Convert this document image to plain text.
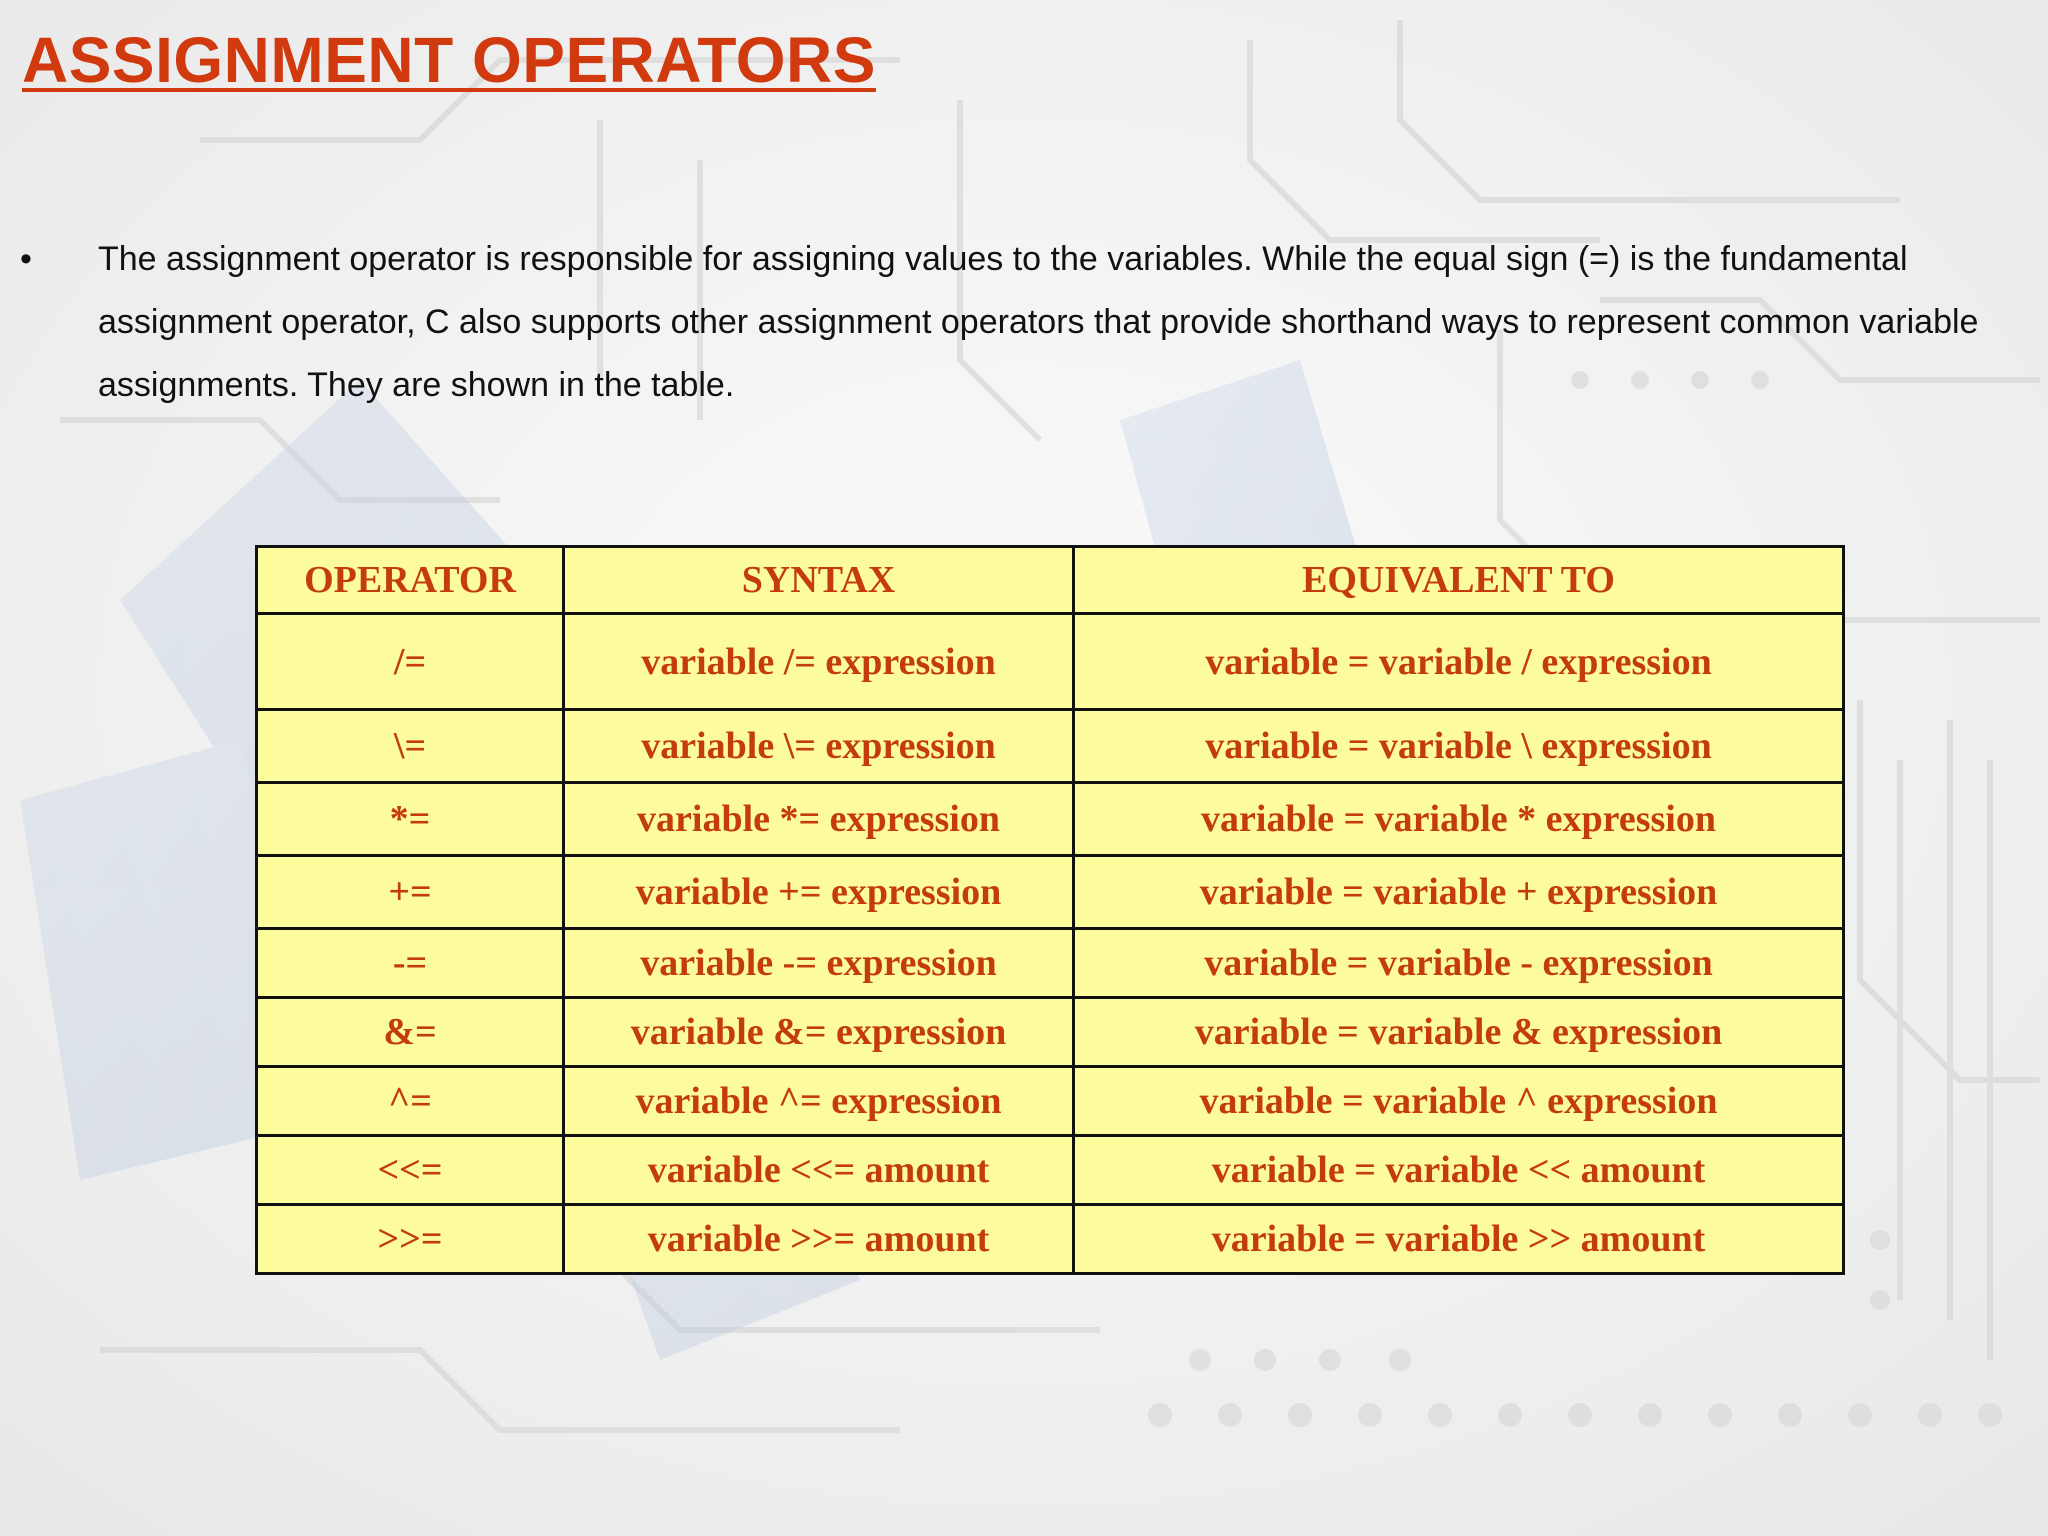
ASSIGNMENT OPERATORS
• The assignment operator is responsible for assigning values to the variables. While the equal sign (=) is the fundamental assignment operator, C also supports other assignment operators that provide shorthand ways to represent common variable assignments. They are shown in the table.
OPERATOR	SYNTAX	EQUIVALENT TO
/=	variable /= expression	variable = variable / expression
\=	variable \= expression	variable = variable \ expression
*=	variable *= expression	variable = variable * expression
+=	variable += expression	variable = variable + expression
-=	variable -= expression	variable = variable - expression
&=	variable &= expression	variable = variable & expression
^=	variable ^= expression	variable = variable ^ expression
<<=	variable <<= amount	variable = variable << amount
>>=	variable >>= amount	variable = variable >> amount
